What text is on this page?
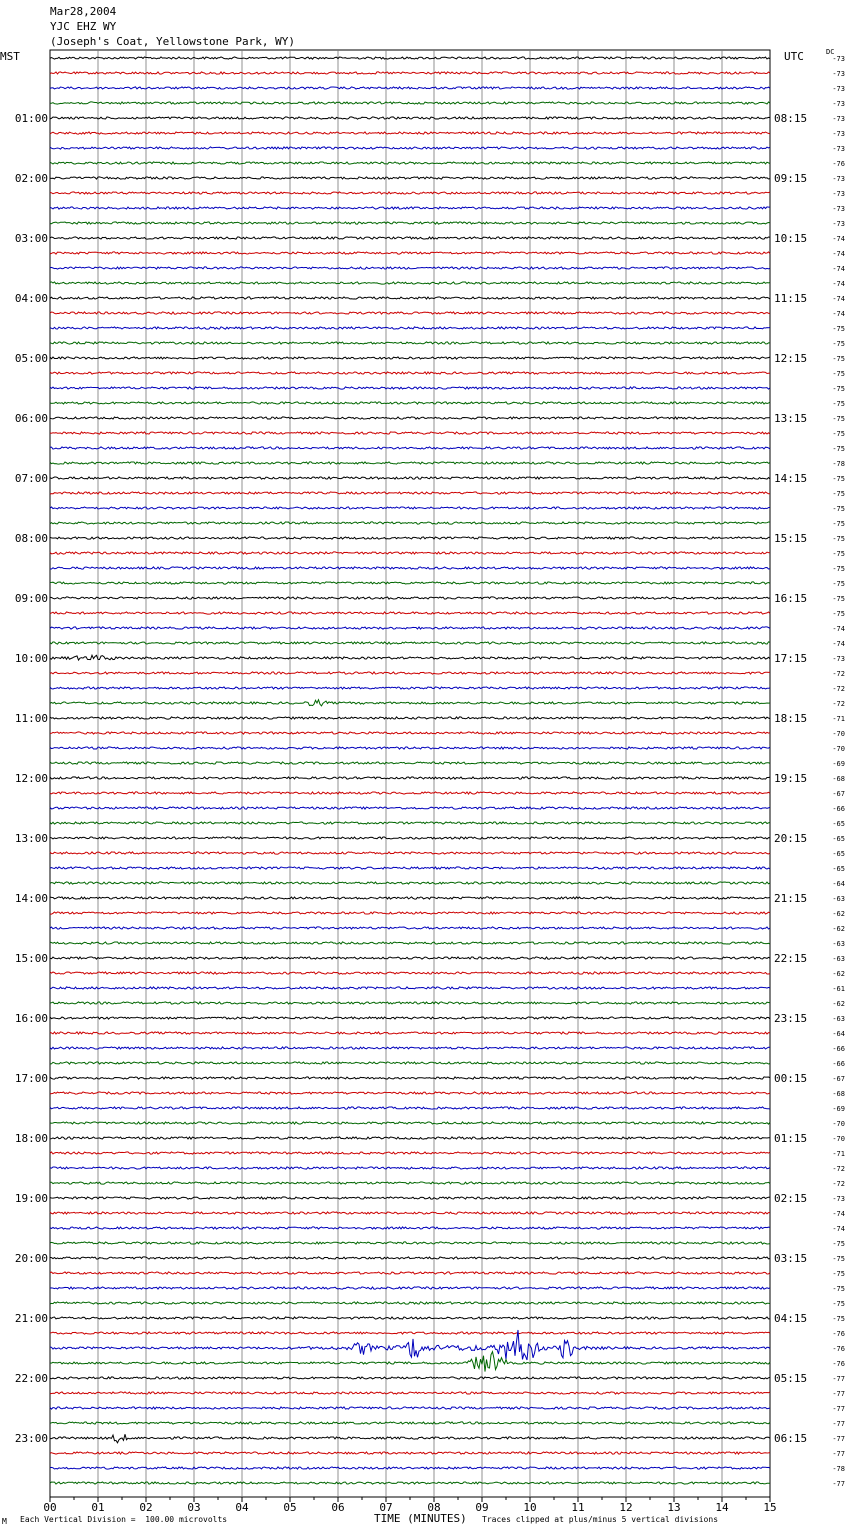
Mar28,2004
YJC EHZ WY
(Joseph's Coat, Yellowstone Park, WY)
MST	UTC	DC
01:00
02:00
03:00
04:00
05:00
06:00
07:00
08:00
09:00
10:00
11:00
12:00
13:00
14:00
15:00
16:00
17:00
18:00
19:00
20:00
21:00
22:00
23:00
08:15
09:15
10:15
11:15
12:15
13:15
14:15
15:15
16:15
17:15
18:15
19:15
20:15
21:15
22:15
23:15
00:15
01:15
02:15
03:15
04:15
05:15
06:15
-73
-73
-73
-73
-73
-73
-73
-76
-73
-73
-73
-73
-74
-74
-74
-74
-74
-74
-75
-75
-75
-75
-75
-75
-75
-75
-75
-78
-75
-75
-75
-75
-75
-75
-75
-75
-75
-75
-74
-74
-73
-72
-72
-72
-71
-70
-70
-69
-68
-67
-66
-65
-65
-65
-65
-64
-63
-62
-62
-63
-63
-62
-61
-62
-63
-64
-66
-66
-67
-68
-69
-70
-70
-71
-72
-72
-73
-74
-74
-75
-75
-75
-75
-75
-75
-76
-76
-76
-77
-77
-77
-77
-77
-77
-78
-77
00	01	02	03	04	05	06	07	08	09	10	11	12	13	14	15
M Each Vertical Division =  100.00 microvolts	TIME (MINUTES) Traces clipped at plus/minus 5 vertical divisions
